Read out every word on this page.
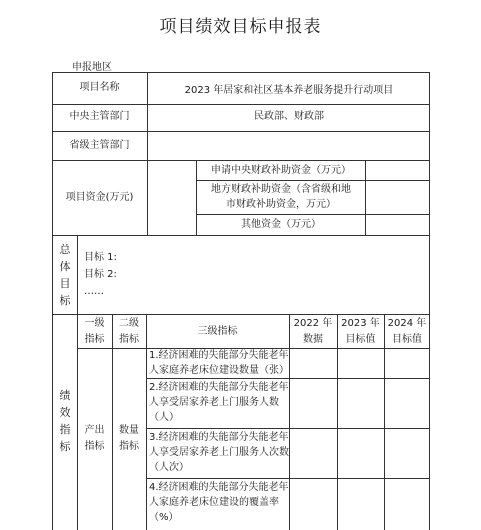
项目绩效目标申报表
申报地区
项目名称	2023 年居家和社区基本养老服务提升行动项目
中央主管部门	民政部、财政部
省级主管部门
项目资金(万元)
申请中央财政补助资金（万元）
地方财政补助资金（含省级和地
市财政补助资金，万元）
其他资金（万元）
总体目标
目标 1:
目标 2:
……
绩效指标
一级
指标
二级
指标
三级指标
2022 年
数据
2023 年
目标值
2024 年
目标值
产出
指标
数量
指标
1.经济困难的失能部分失能老年
人家庭养老床位建设数量（张）
2.经济困难的失能部分失能老年
人享受居家养老上门服务人数
（人）
3.经济困难的失能部分失能老年
人享受居家养老上门服务人次数
（人次）
4.经济困难的失能部分失能老年
人家庭养老床位建设的覆盖率
（%）
